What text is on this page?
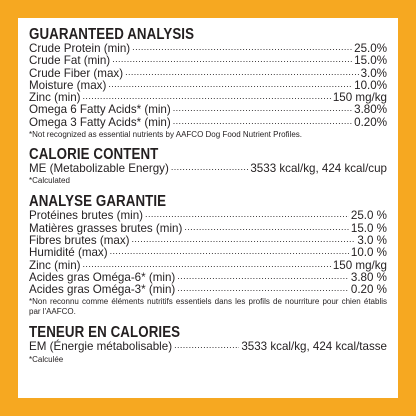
GUARANTEED ANALYSIS
Crude Protein (min) .....	25.0%
Crude Fat (min) .....	15.0%
Crude Fiber (max) .....	3.0%
Moisture (max) .....	10.0%
Zinc (min) .....	150 mg/kg
Omega 6 Fatty Acids* (min) .....	3.80%
Omega 3 Fatty Acids* (min) .....	0.20%
*Not recognized as essential nutrients by AAFCO Dog Food Nutrient Profiles.
CALORIE CONTENT
ME (Metabolizable Energy) .....	3533 kcal/kg, 424 kcal/cup
*Calculated
ANALYSE GARANTIE
Protéines brutes (min) .....	25.0 %
Matières grasses brutes (min) .....	15.0 %
Fibres brutes (max) .....	3.0 %
Humidité (max) .....	10.0 %
Zinc (min) .....	150 mg/kg
Acides gras Oméga-6* (min) .....	3.80 %
Acides gras Oméga-3* (min) .....	0.20 %
*Non reconnu comme éléments nutritifs essentiels dans les profils de nourriture pour chien établis par l'AAFCO.
TENEUR EN CALORIES
EM (Énergie métabolisable) .....	3533 kcal/kg, 424 kcal/tasse
*Calculée
